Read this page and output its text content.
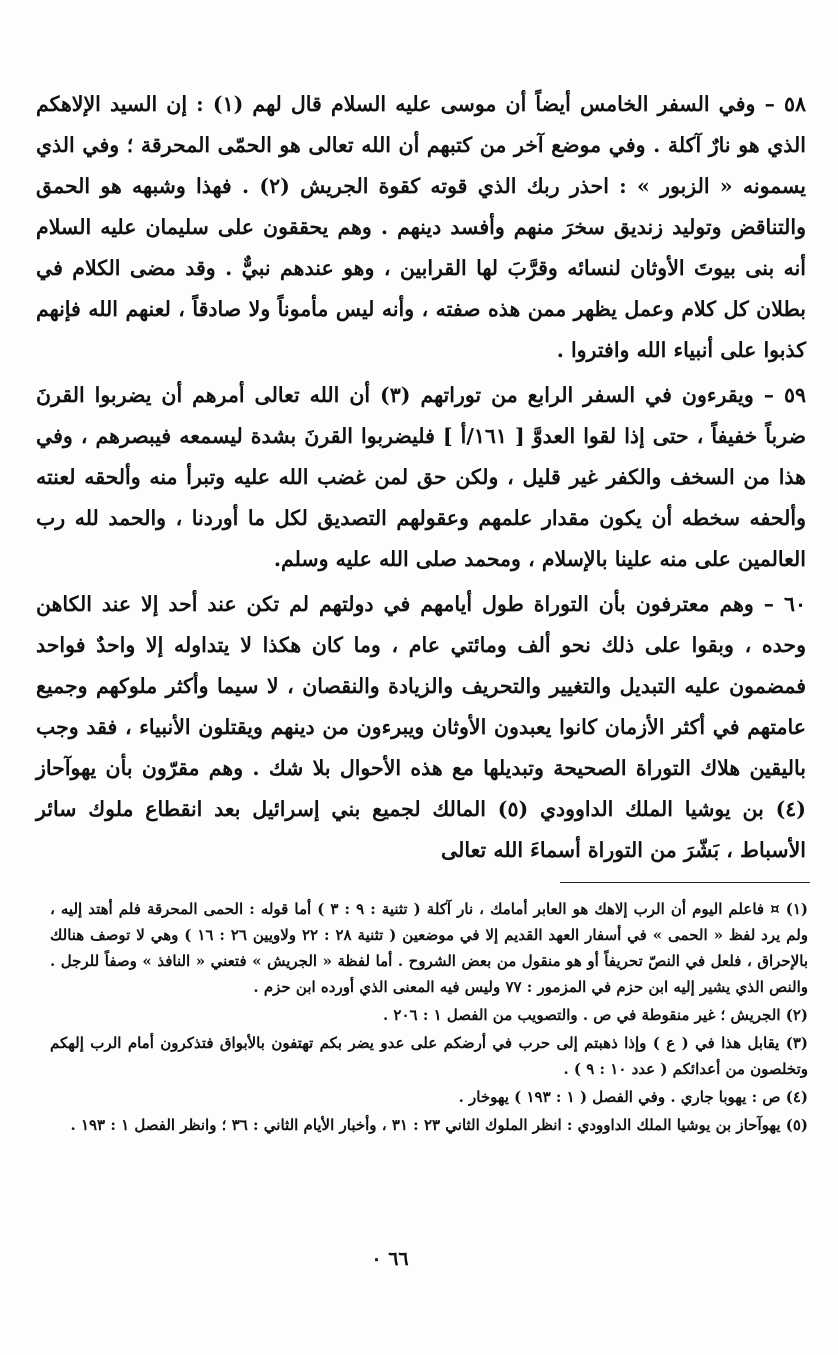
٥٨ – وفي السفر الخامس أيضاً أن موسى عليه السلام قال لهم (١) : إن السيد الإلاهكم الذي هو نارٌ آكلة . وفي موضع آخر من كتبهم أن الله تعالى هو الحمّى المحرقة ؛ وفي الذي يسمونه « الزبور » : احذر ربك الذي قوته كقوة الجريش (٢) . فهذا وشبهه هو الحمق والتناقض وتوليد زنديق سخرَ منهم وأفسد دينهم . وهم يحققون على سليمان عليه السلام أنه بنى بيوتَ الأوثان لنسائه وقرَّبَ لها القرابين ، وهو عندهم نبيٌّ . وقد مضى الكلام في بطلان كل كلام وعمل يظهر ممن هذه صفته ، وأنه ليس مأموناً ولا صادقاً ، لعنهم الله فإنهم كذبوا على أنبياء الله وافتروا .

٥٩ – ويقرءون في السفر الرابع من توراتهم (٣) أن الله تعالى أمرهم أن يضربوا القرنَ ضرباً خفيفاً ، حتى إذا لقوا العدوَّ [ ١٦١/أ ] فليضربوا القرنَ بشدة ليسمعه فيبصرهم ، وفي هذا من السخف والكفر غير قليل ، ولكن حق لمن غضب الله عليه وتبرأ منه وألحقه لعنته وألحفه سخطه أن يكون مقدار علمهم وعقولهم التصديق لكل ما أوردنا ، والحمد لله رب العالمين على منه علينا بالإسلام ، ومحمد صلى الله عليه وسلم.

٦٠ – وهم معترفون بأن التوراة طول أيامهم في دولتهم لم تكن عند أحد إلا عند الكاهن وحده ، وبقوا على ذلك نحو ألف ومائتي عام ، وما كان هكذا لا يتداوله إلا واحدٌ فواحد فمضمون عليه التبديل والتغيير والتحريف والزيادة والنقصان ، لا سيما وأكثر ملوكهم وجميع عامتهم في أكثر الأزمان كانوا يعبدون الأوثان ويبرءون من دينهم ويقتلون الأنبياء ، فقد وجب باليقين هلاك التوراة الصحيحة وتبديلها مع هذه الأحوال بلا شك . وهم مقرّون بأن يهوآحاز (٤) بن يوشيا الملك الداوودي (٥) المالك لجميع بني إسرائيل بعد انقطاع ملوك سائر الأسباط ، بَشّرَ من التوراة أسماءَ الله تعالى

(١) ¤ فاعلم اليوم أن الرب إلاهك هو العابر أمامك ، نار آكلة ( تثنية : ٩ : ٣ ) أما قوله : الحمى المحرقة فلم أهتد إليه ، ولم يرد لفظ « الحمى » في أسفار العهد القديم إلا في موضعين ( تثنية ٢٨ : ٢٢ ولاويين ٢٦ : ١٦ ) وهي لا توصف هنالك بالإحراق ، فلعل في النصّ تحريفاً أو هو منقول من بعض الشروح . أما لفظة « الجريش » فتعني « النافذ » وصفاً للرجل . والنص الذي يشير إليه ابن حزم في المزمور : ٧٧ وليس فيه المعنى الذي أورده ابن حزم .

(٢) الجريش ؛ غير منقوطة في ص . والتصويب من الفصل ١ : ٢٠٦ .

(٣) يقابل هذا في ( ع ) وإذا ذهبتم إلى حرب في أرضكم على عدو يضر بكم تهتفون بالأبواق فتذكرون أمام الرب إلهكم وتخلصون من أعدائكم ( عدد ١٠ : ٩ ) .

(٤) ص : يهوبا جاري . وفي الفصل ( ١ : ١٩٣ ) يهوخار .

(٥) يهوآحاز بن يوشيا الملك الداوودي : انظر الملوك الثاني ٢٣ : ٣١ ، وأخبار الأيام الثاني : ٣٦ ؛ وانظر الفصل ١ : ١٩٣ .

٦٦ ٠
